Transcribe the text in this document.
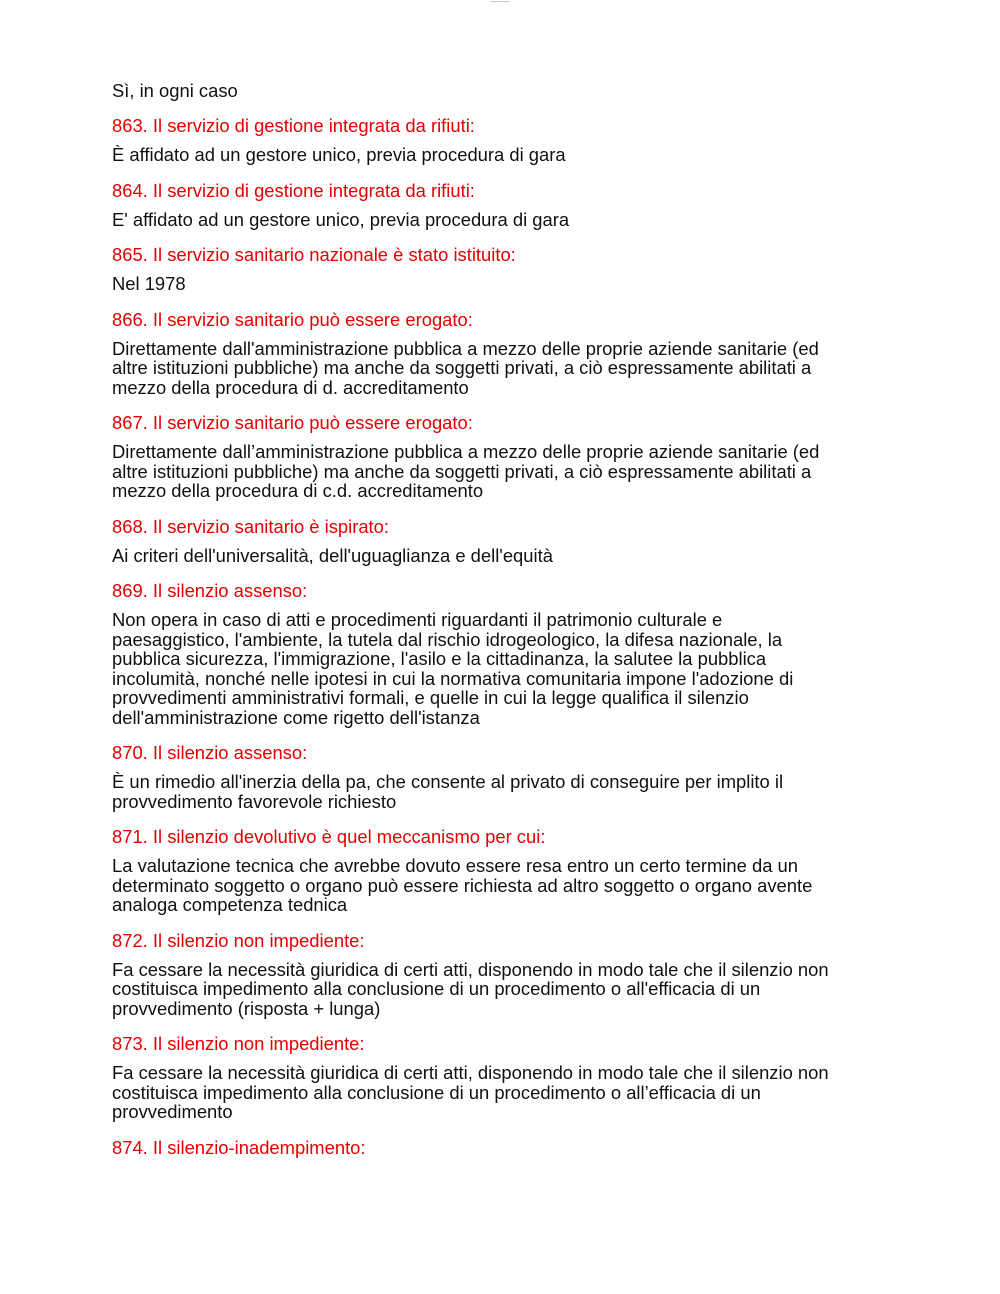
Sì, in ogni caso
863. Il servizio di gestione integrata da rifiuti:
È affidato ad un gestore unico, previa procedura di gara
864. Il servizio di gestione integrata da rifiuti:
E' affidato ad un gestore unico, previa procedura di gara
865. Il servizio sanitario nazionale è stato istituito:
Nel 1978
866. Il servizio sanitario può essere erogato:
Direttamente dall'amministrazione pubblica a mezzo delle proprie aziende sanitarie (ed
altre istituzioni pubbliche) ma anche da soggetti privati, a ciò espressamente abilitati a
mezzo della procedura di d. accreditamento
867. Il servizio sanitario può essere erogato:
Direttamente dall’amministrazione pubblica a mezzo delle proprie aziende sanitarie (ed
altre istituzioni pubbliche) ma anche da soggetti privati, a ciò espressamente abilitati a
mezzo della procedura di c.d. accreditamento
868. Il servizio sanitario è ispirato:
Ai criteri dell'universalità, dell'uguaglianza e dell'equità
869. Il silenzio assenso:
Non opera in caso di atti e procedimenti riguardanti il patrimonio culturale e
paesaggistico, l'ambiente, la tutela dal rischio idrogeologico, la difesa nazionale, la
pubblica sicurezza, l'immigrazione, l'asilo e la cittadinanza, la salutee la pubblica
incolumità, nonché nelle ipotesi in cui la normativa comunitaria impone l'adozione di
provvedimenti amministrativi formali, e quelle in cui la legge qualifica il silenzio
dell'amministrazione come rigetto dell'istanza
870. Il silenzio assenso:
È un rimedio all'inerzia della pa, che consente al privato di conseguire per implito il
provvedimento favorevole richiesto
871. Il silenzio devolutivo è quel meccanismo per cui:
La valutazione tecnica che avrebbe dovuto essere resa entro un certo termine da un
determinato soggetto o organo può essere richiesta ad altro soggetto o organo avente
analoga competenza tednica
872. Il silenzio non impediente:
Fa cessare la necessità giuridica di certi atti, disponendo in modo tale che il silenzio non
costituisca impedimento alla conclusione di un procedimento o all'efficacia di un
provvedimento (risposta + lunga)
873. Il silenzio non impediente:
Fa cessare la necessità giuridica di certi atti, disponendo in modo tale che il silenzio non
costituisca impedimento alla conclusione di un procedimento o all’efficacia di un
provvedimento
874. Il silenzio-inadempimento:
